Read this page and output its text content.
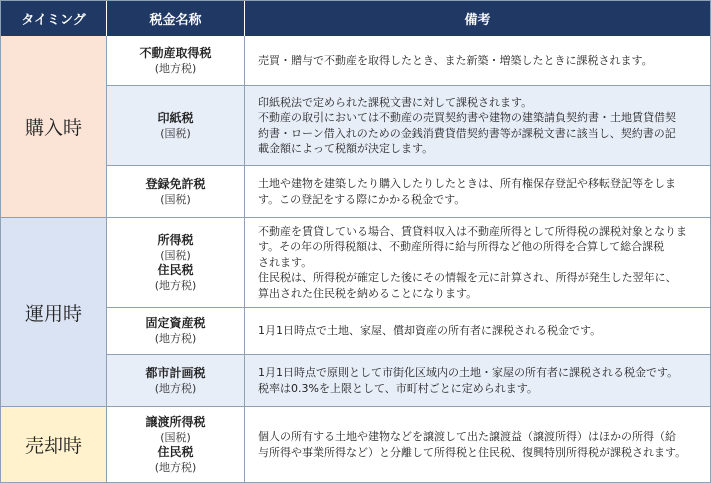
タイミング	税金名称	備考
購入時
運用時
売却時
不動産取得税
(地方税)
売買・贈与で不動産を取得したとき、また新築・増築したときに課税されます。
印紙税
(国税)
印紙税法で定められた課税文書に対して課税されます。
不動産の取引においては不動産の売買契約書や建物の建築請負契約書・土地賃貸借契
約書・ローン借入れのための金銭消費貸借契約書等が課税文書に該当し、契約書の記
載金額によって税額が決定します。
登録免許税
(国税)
土地や建物を建築したり購入したりしたときは、所有権保存登記や移転登記等をしま
す。この登記をする際にかかる税金です。
所得税
(国税)
住民税
(地方税)
不動産を賃貸している場合、賃貸料収入は不動産所得として所得税の課税対象となりま
す。その年の所得税額は、不動産所得に給与所得など他の所得を合算して総合課税
されます。
住民税は、所得税が確定した後にその情報を元に計算され、所得が発生した翌年に、
算出された住民税を納めることになります。
固定資産税
(地方税)
1月1日時点で土地、家屋、償却資産の所有者に課税される税金です。
都市計画税
(地方税)
1月1日時点で原則として市街化区域内の土地・家屋の所有者に課税される税金です。
税率は0.3%を上限として、市町村ごとに定められます。
譲渡所得税
(国税)
住民税
(地方税)
個人の所有する土地や建物などを譲渡して出た譲渡益（譲渡所得）はほかの所得（給
与所得や事業所得など）と分離して所得税と住民税、復興特別所得税が課税されます。
